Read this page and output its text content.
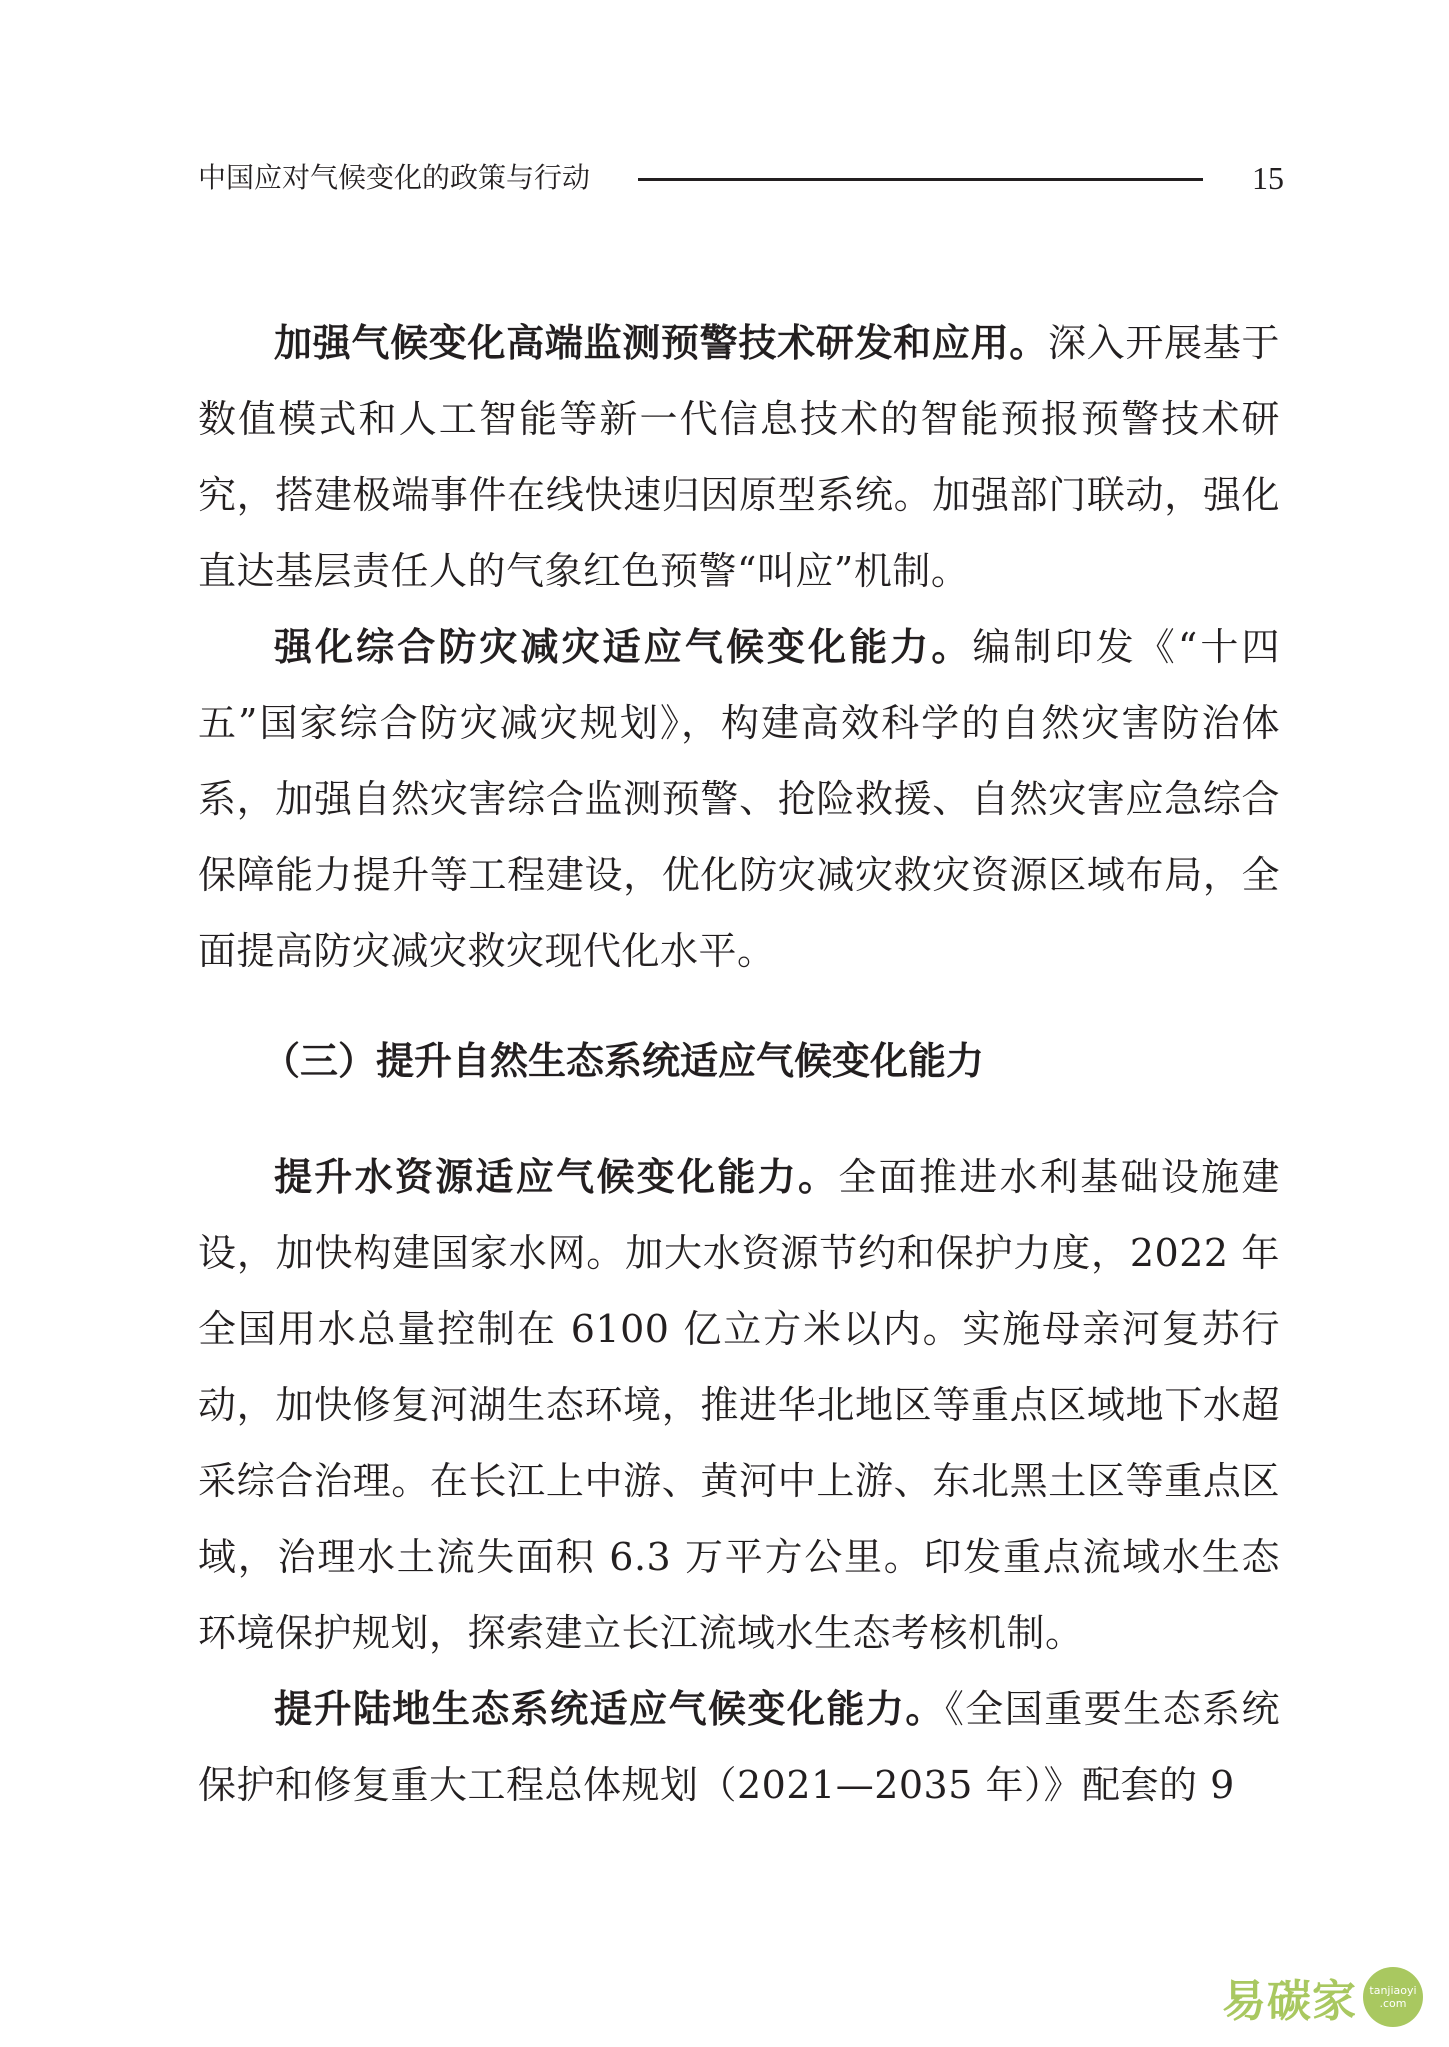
中国应对气候变化的政策与行动	15

加强气候变化高端监测预警技术研发和应用。深入开展基于数值模式和人工智能等新一代信息技术的智能预报预警技术研究，搭建极端事件在线快速归因原型系统。加强部门联动，强化直达基层责任人的气象红色预警“叫应”机制。

强化综合防灾减灾适应气候变化能力。编制印发《“十四五”国家综合防灾减灾规划》，构建高效科学的自然灾害防治体系，加强自然灾害综合监测预警、抢险救援、自然灾害应急综合保障能力提升等工程建设，优化防灾减灾救灾资源区域布局，全面提高防灾减灾救灾现代化水平。

（三）提升自然生态系统适应气候变化能力

提升水资源适应气候变化能力。全面推进水利基础设施建设，加快构建国家水网。加大水资源节约和保护力度，2022 年全国用水总量控制在 6100 亿立方米以内。实施母亲河复苏行动，加快修复河湖生态环境，推进华北地区等重点区域地下水超采综合治理。在长江上中游、黄河中上游、东北黑土区等重点区域，治理水土流失面积 6.3 万平方公里。印发重点流域水生态环境保护规划，探索建立长江流域水生态考核机制。

提升陆地生态系统适应气候变化能力。《全国重要生态系统保护和修复重大工程总体规划（2021—2035 年）》配套的 9

易碳家 tanjiaoyi
.com
